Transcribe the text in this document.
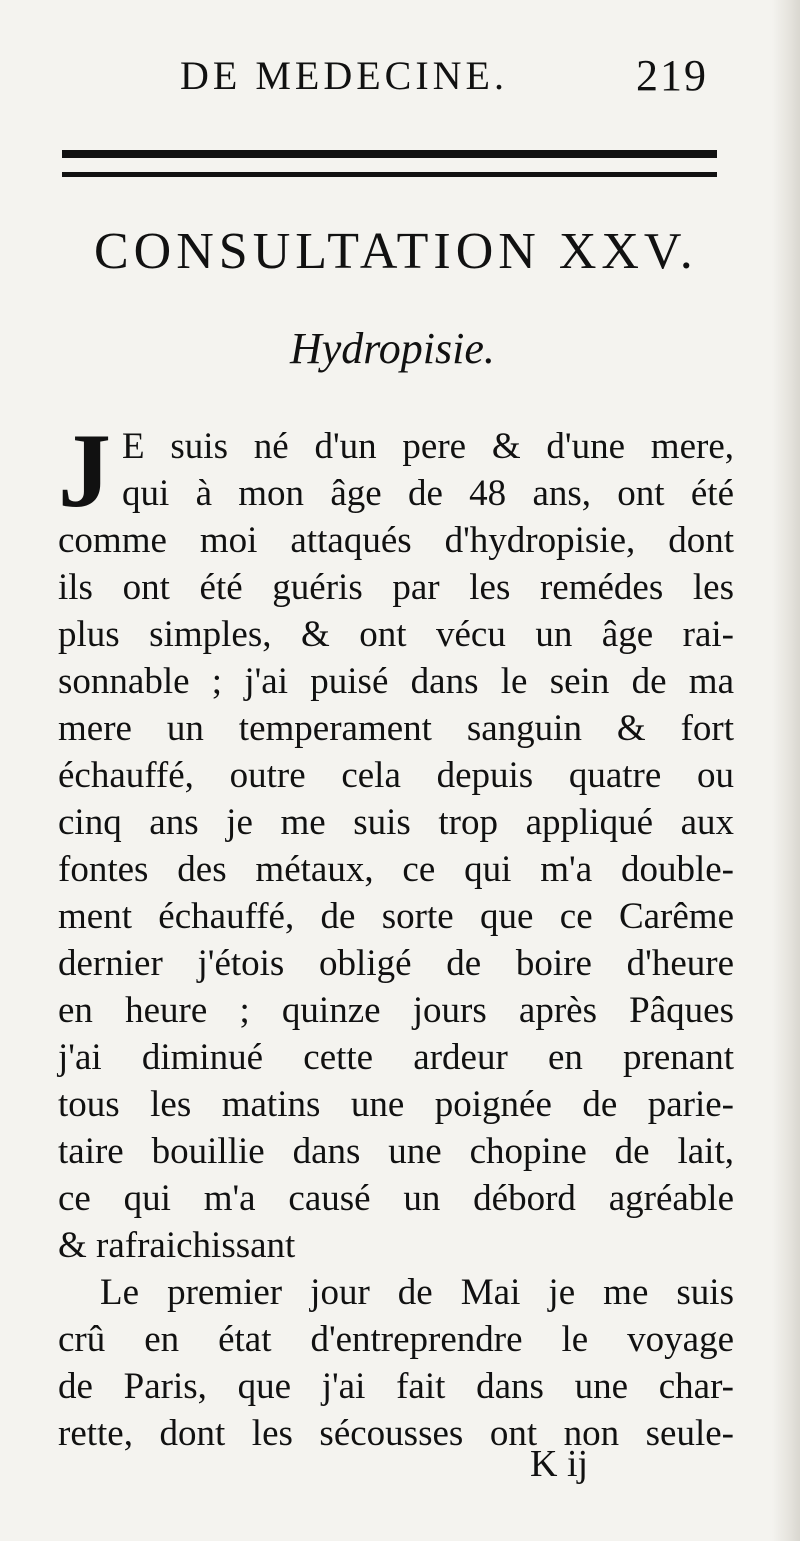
DE MEDECINE.	219
CONSULTATION XXV.
Hydropisie.
J E suis né d'un pere & d'une mere,
qui à mon âge de 48 ans, ont été
comme moi attaqués d'hydropisie, dont
ils ont été guéris par les remédes les
plus simples, & ont vécu un âge rai-
sonnable ; j'ai puisé dans le sein de ma
mere un temperament sanguin & fort
échauffé, outre cela depuis quatre ou
cinq ans je me suis trop appliqué aux
fontes des métaux, ce qui m'a double-
ment échauffé, de sorte que ce Carême
dernier j'étois obligé de boire d'heure
en heure ; quinze jours après Pâques
j'ai diminué cette ardeur en prenant
tous les matins une poignée de parie-
taire bouillie dans une chopine de lait,
ce qui m'a causé un débord agréable
& rafraichissant
Le premier jour de Mai je me suis
crû en état d'entreprendre le voyage
de Paris, que j'ai fait dans une char-
rette, dont les sécousses ont non seule-
K ij
